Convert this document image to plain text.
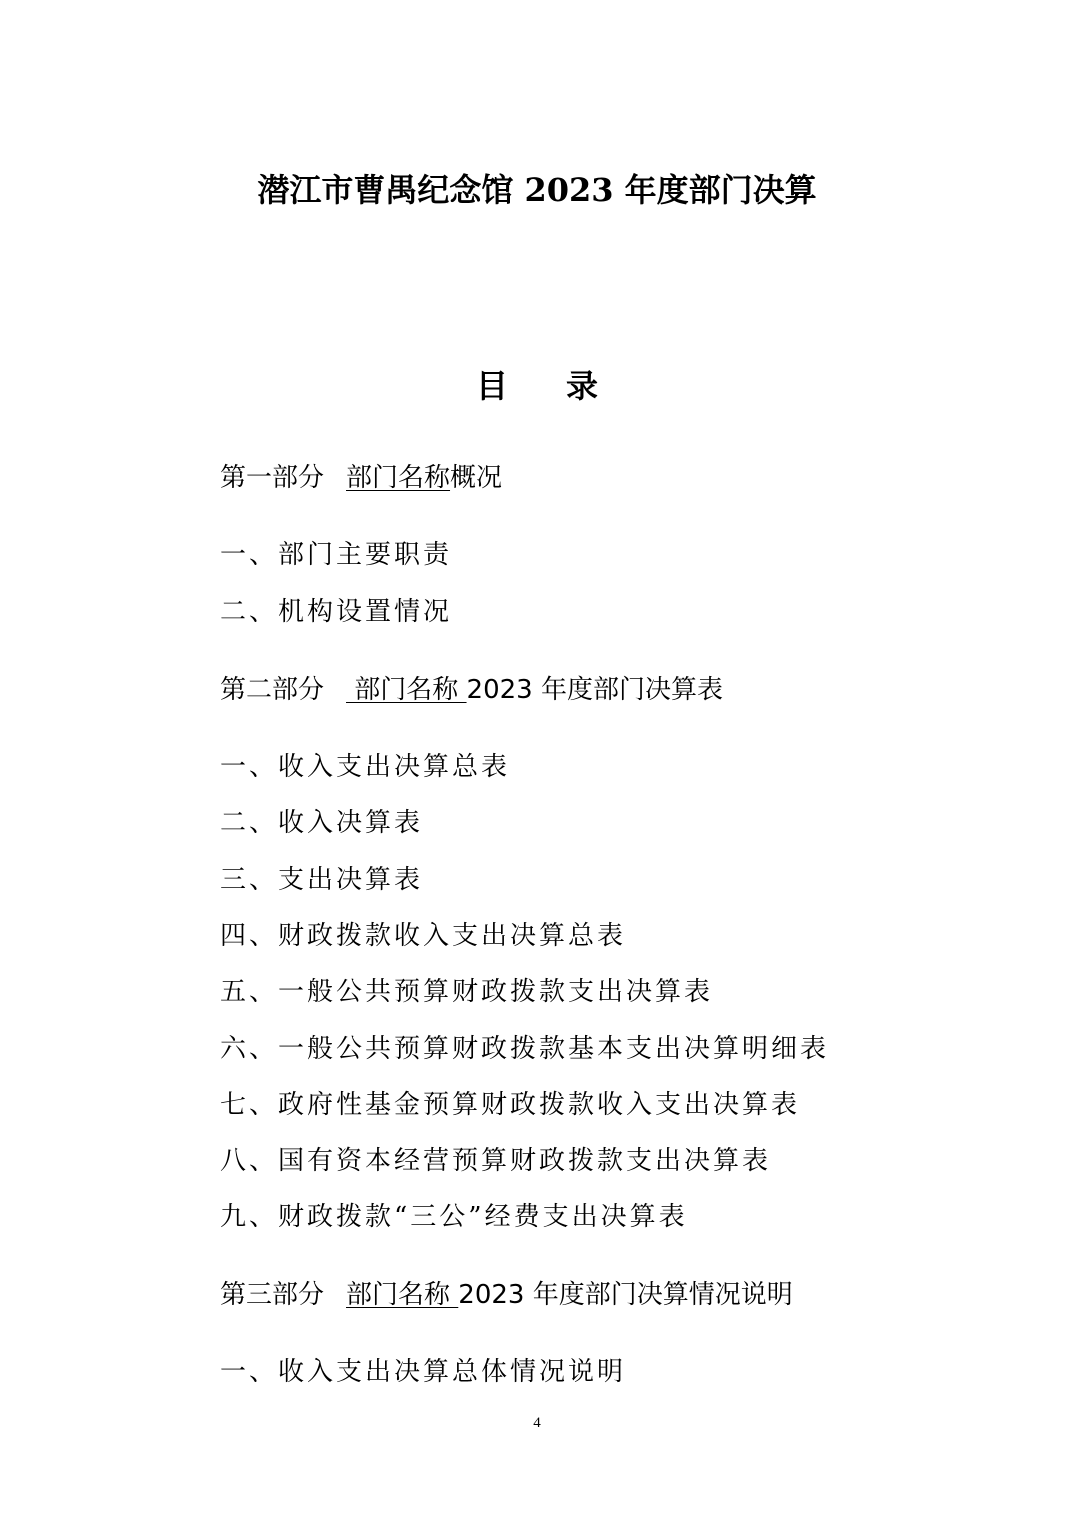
潜江市曹禺纪念馆 2023 年度部门决算
目 录

第一部分 部门名称概况

一、部门主要职责

二、机构设置情况

第二部分 部门名称 2023 年度部门决算表

一、收入支出决算总表

二、收入决算表

三、支出决算表

四、财政拨款收入支出决算总表

五、一般公共预算财政拨款支出决算表

六、一般公共预算财政拨款基本支出决算明细表

七、政府性基金预算财政拨款收入支出决算表

八、国有资本经营预算财政拨款支出决算表

九、财政拨款“三公”经费支出决算表

第三部分 部门名称 2023 年度部门决算情况说明

一、收入支出决算总体情况说明

4
